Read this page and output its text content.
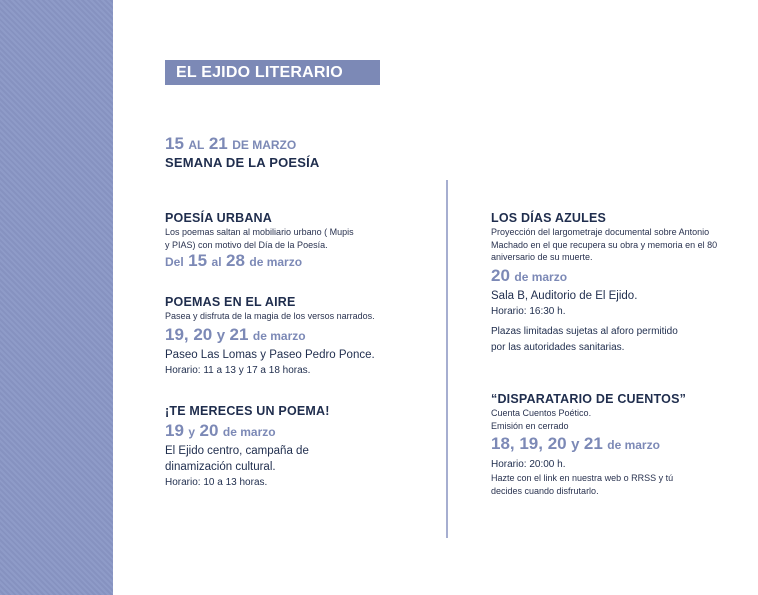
EL EJIDO LITERARIO
15 AL 21 DE MARZO
SEMANA DE LA POESÍA

POESÍA URBANA

Los poemas saltan al mobiliario urbano ( Mupis

y PIAS) con motivo del Día de la Poesía.

Del 15 al 28 de marzo

POEMAS EN EL AIRE

Pasea y disfruta de la magia de los versos narrados.

19, 20 y 21 de marzo

Paseo Las Lomas y Paseo Pedro Ponce.

Horario: 11 a 13 y 17 a 18 horas.

¡TE MERECES UN POEMA!

19 y 20 de marzo

El Ejido centro, campaña de

dinamización cultural.

Horario: 10 a 13 horas.

LOS DÍAS AZULES

Proyección del largometraje documental sobre Antonio

Machado en el que recupera su obra y memoria en el 80

aniversario de su muerte.

20 de marzo

Sala B, Auditorio de El Ejido.

Horario: 16:30 h.

Plazas limitadas sujetas al aforo permitido

por las autoridades sanitarias.

“DISPARATARIO DE CUENTOS”

Cuenta Cuentos Poético.

Emisión en cerrado

18, 19, 20 y 21 de marzo

Horario: 20:00 h.

Hazte con el link en nuestra web o RRSS y tú

decides cuando disfrutarlo.
